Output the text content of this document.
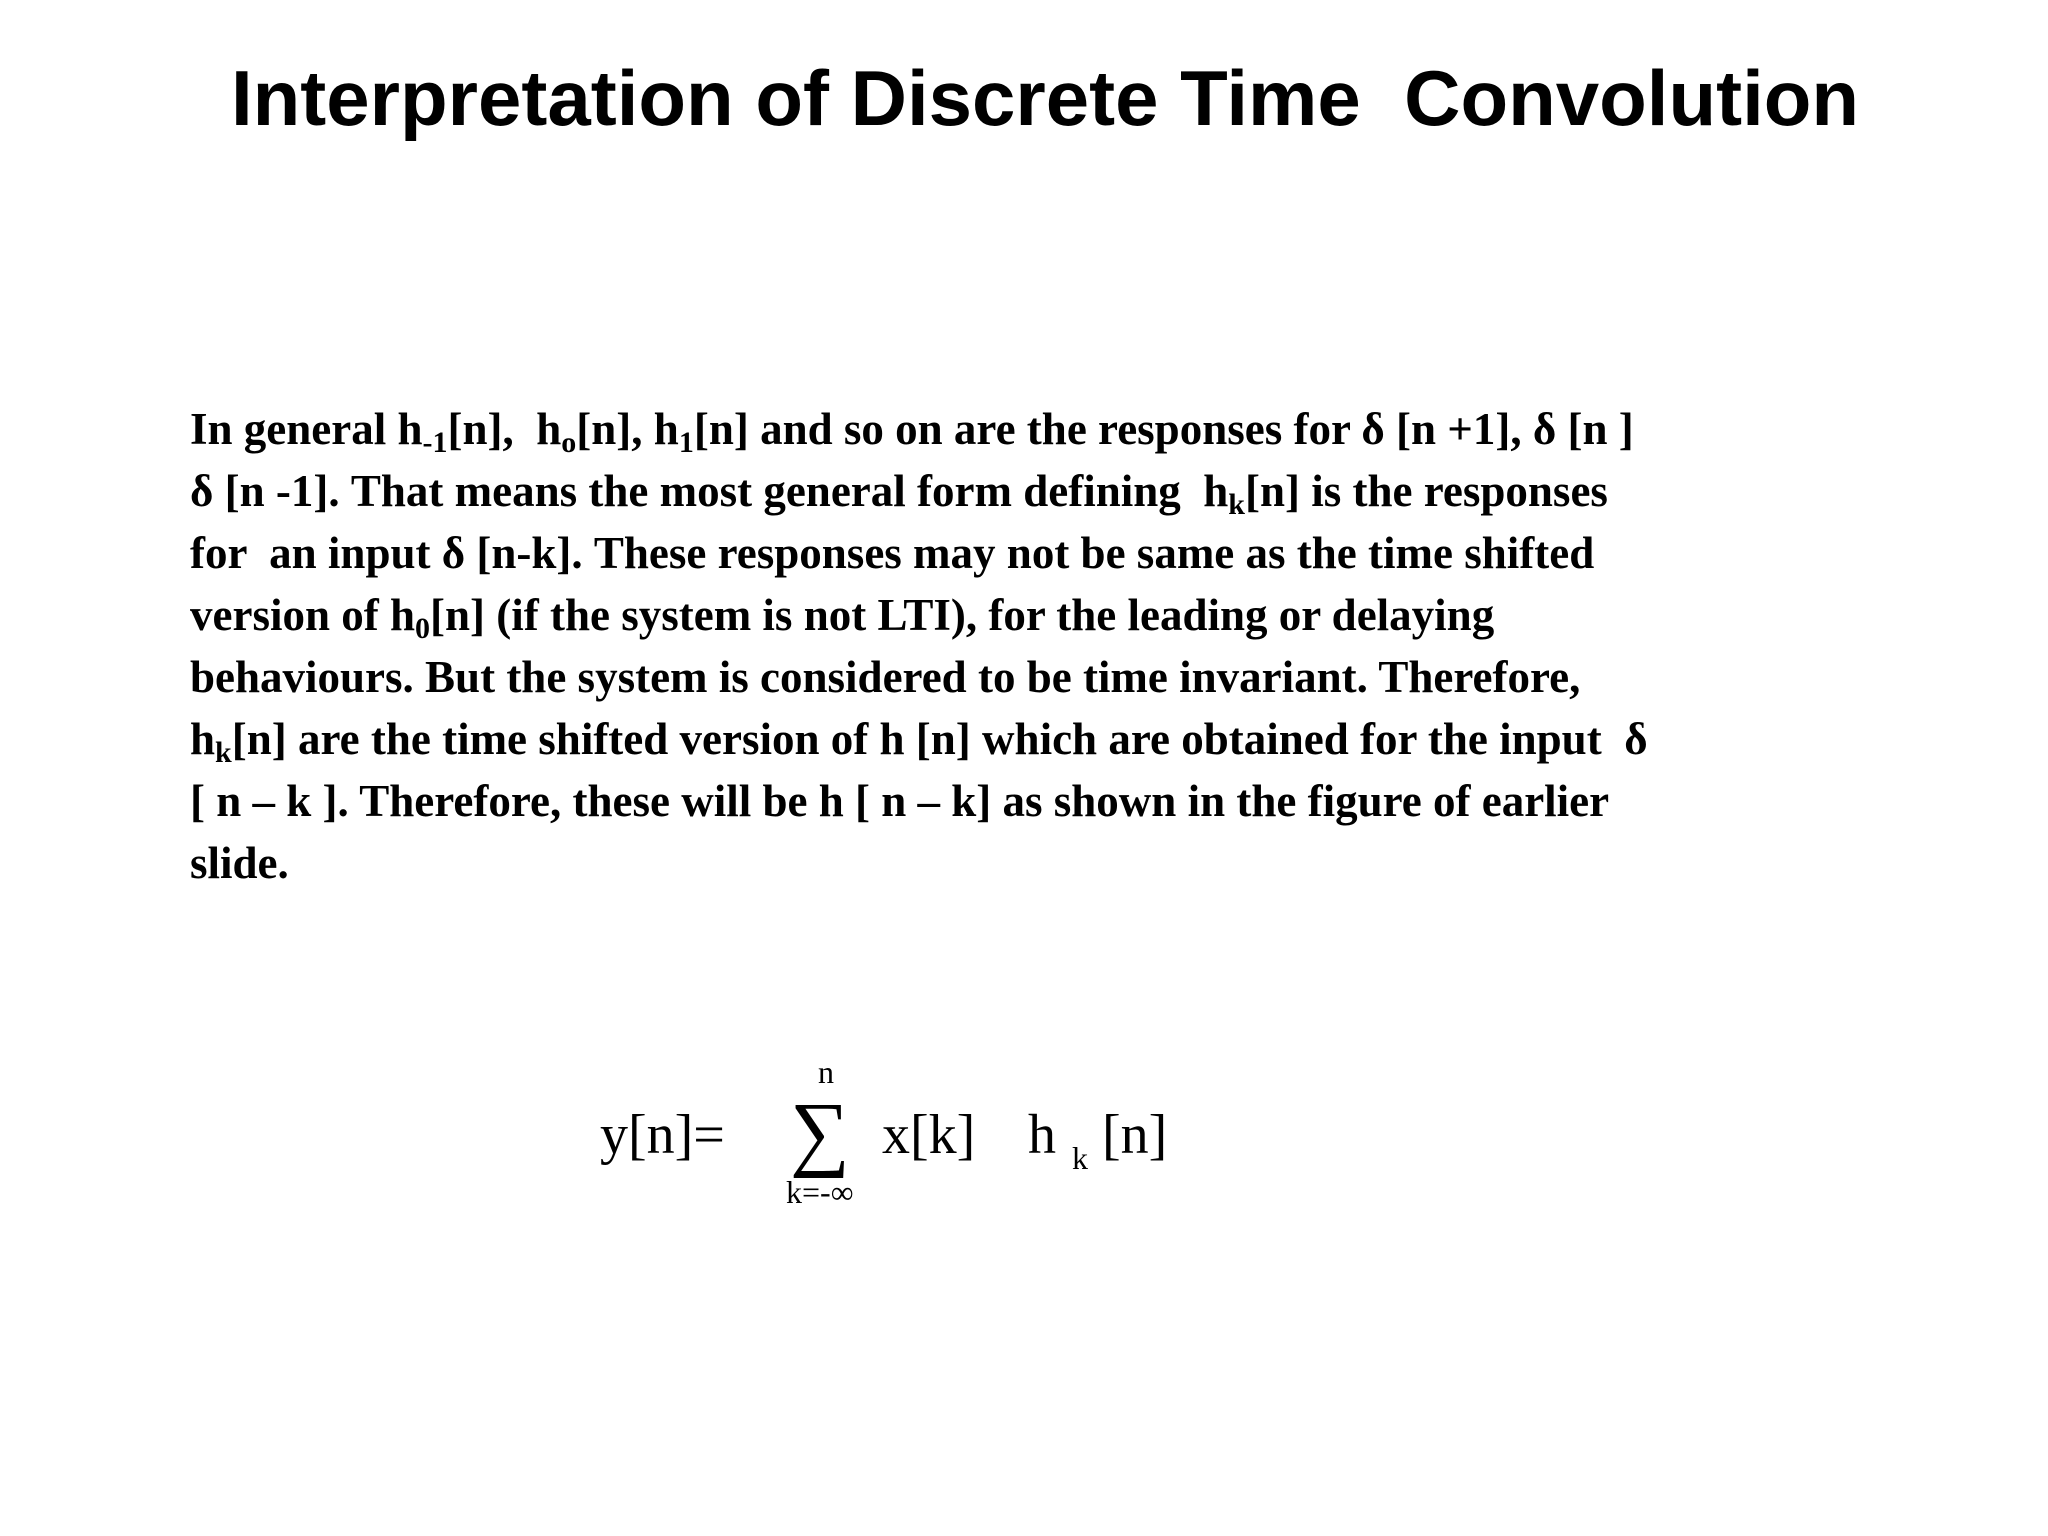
Interpretation of Discrete Time  Convolution
In general $h_{-1}[n]$,  $h_o[n]$, $h_1[n]$ and so on are the responses for δ [n +1], δ [n ]
δ [n -1]. That means the most general form defining  $h_k[n]$ is the responses
for  an input δ [n-k]. These responses may not be same as the time shifted
version of $h_0[n]$ (if the system is not LTI), for the leading or delaying
behaviours. But the system is considered to be time invariant. Therefore,
$h_k[n]$ are the time shifted version of h [n] which are obtained for the input  δ
[ n – k ]. Therefore, these will be h [ n – k] as shown in the figure of earlier
slide.
y[n]=
n
∑
k=-∞
x[k] h k [n]
